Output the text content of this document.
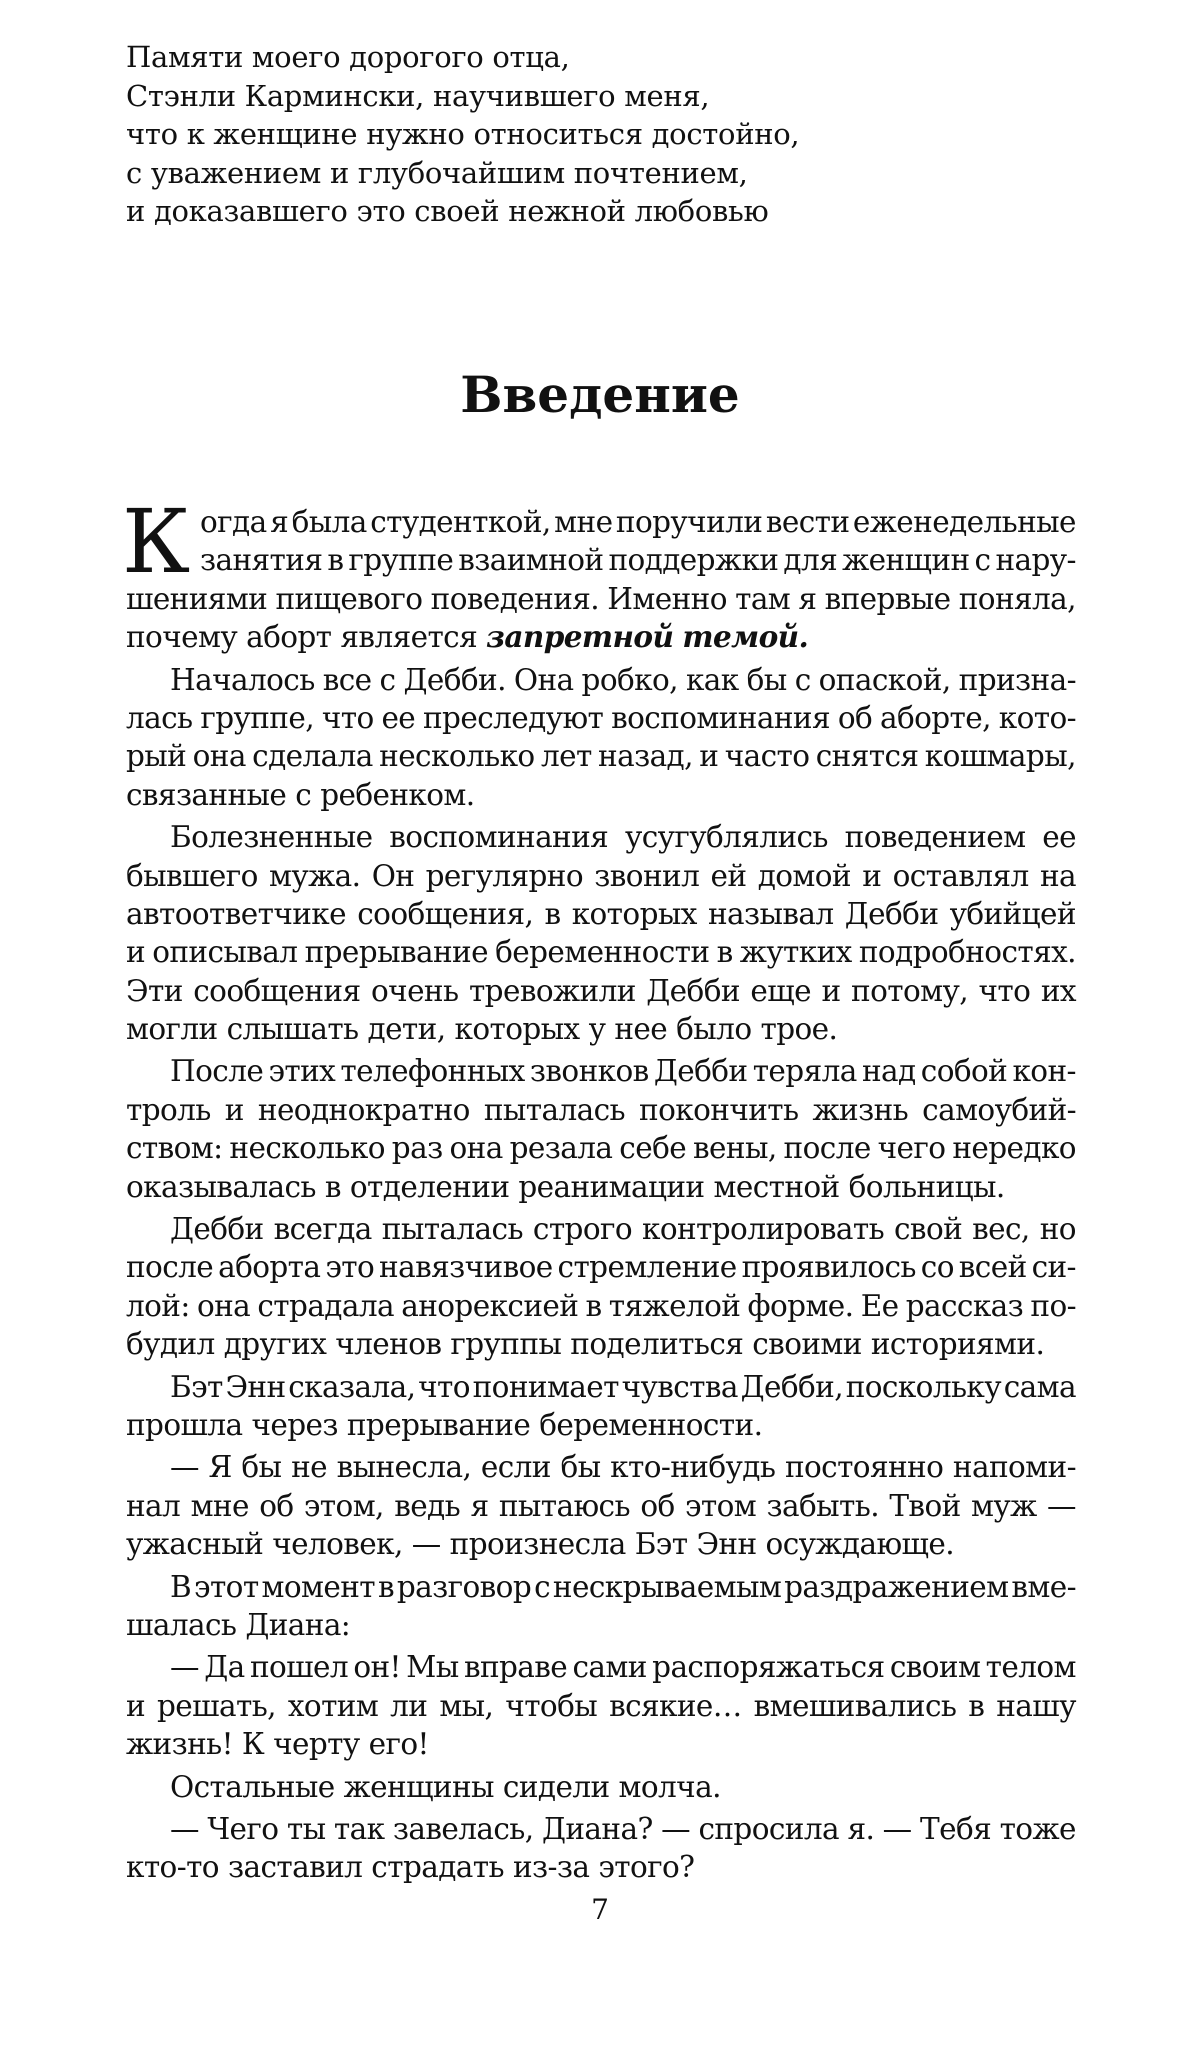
Памяти моего дорогого отца,
Стэнли Кармински, научившего меня,
что к женщине нужно относиться достойно,
с уважением и глубочайшим почтением,
и доказавшего это своей нежной любовью
Введение
К огда я была студенткой, мне поручили вести еженедельные
занятия в группе взаимной поддержки для женщин с нару-
шениями пищевого поведения. Именно там я впервые поняла,
почему аборт является запретной темой.
Началось все с Дебби. Она робко, как бы с опаской, призна-
лась группе, что ее преследуют воспоминания об аборте, кото-
рый она сделала несколько лет назад, и часто снятся кошмары,
связанные с ребенком.
Болезненные воспоминания усугублялись поведением ее
бывшего мужа. Он регулярно звонил ей домой и оставлял на
автоответчике сообщения, в которых называл Дебби убийцей
и описывал прерывание беременности в жутких подробностях.
Эти сообщения очень тревожили Дебби еще и потому, что их
могли слышать дети, которых у нее было трое.
После этих телефонных звонков Дебби теряла над собой кон-
троль и неоднократно пыталась покончить жизнь самоубий-
ством: несколько раз она резала себе вены, после чего нередко
оказывалась в отделении реанимации местной больницы.
Дебби всегда пыталась строго контролировать свой вес, но
после аборта это навязчивое стремление проявилось со всей си-
лой: она страдала анорексией в тяжелой форме. Ее рассказ по-
будил других членов группы поделиться своими историями.
Бэт Энн сказала, что понимает чувства Дебби, поскольку сама
прошла через прерывание беременности.
— Я бы не вынесла, если бы кто-нибудь постоянно напоми-
нал мне об этом, ведь я пытаюсь об этом забыть. Твой муж —
ужасный человек, — произнесла Бэт Энн осуждающе.
В этот момент в разговор с нескрываемым раздражением вме-
шалась Диана:
— Да пошел он! Мы вправе сами распоряжаться своим телом
и решать, хотим ли мы, чтобы всякие… вмешивались в нашу
жизнь! К черту его!
Остальные женщины сидели молча.
— Чего ты так завелась, Диана? — спросила я. — Тебя тоже
кто-то заставил страдать из-за этого?
7
